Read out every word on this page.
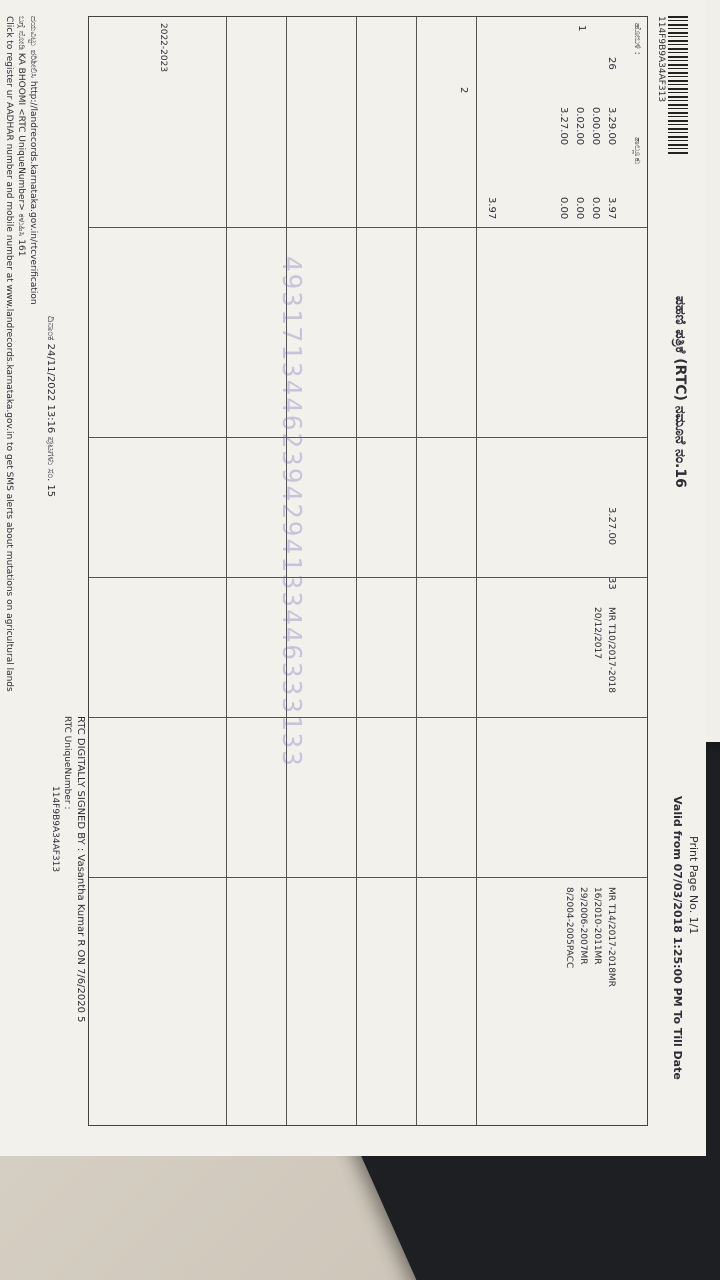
114F9B9A34AF313
ಪಹಣಿ ಪತ್ರಿಕೆ (RTC) ನಮೂನೆ ನಂ.16
Print Page No. 1/1
Valid from 07/03/2018 1:25:00 PM To Till Date
ಹೋಬಳಿ :
ತಾಲ್ಲೂಕು
26
1
2
3.29.00
0.00.00
0.02.00
3.27.00
3.97
0.00
0.00
0.00
3.97
3.27.00
33
MR T10/2017-2018
20/12/2017
MR T14/2017-2018MR
16/2010-2011MR
29/2006-2007MR
8/2004-2005PACC
2022-2023
49317134462394294133446333133
RTC DIGITALLY SIGNED BY : Vasantha Kumar R ON 7/6/2020 5
RTC UniqueNumber :
114F9B9A34AF313
ದಿನಾಂಕ 24/11/2022 13:16 ಪುಟಗಳು ಸಂ. 15
ದಯವಿಟ್ಟು ಪರಿಶೀಲಿಸಿ http://landrecords.karnataka.gov.in/rtcverification
ಬಗ್ಗೆ ನೋಡಿ KA BHOOMI <RTC UniqueNumber> ಕಳುಹಿಸಿ 161
Click to register ur AADHAR number and mobile number at www.landrecords.karnataka.gov.in to get SMS alerts about mutations on agricultural lands
